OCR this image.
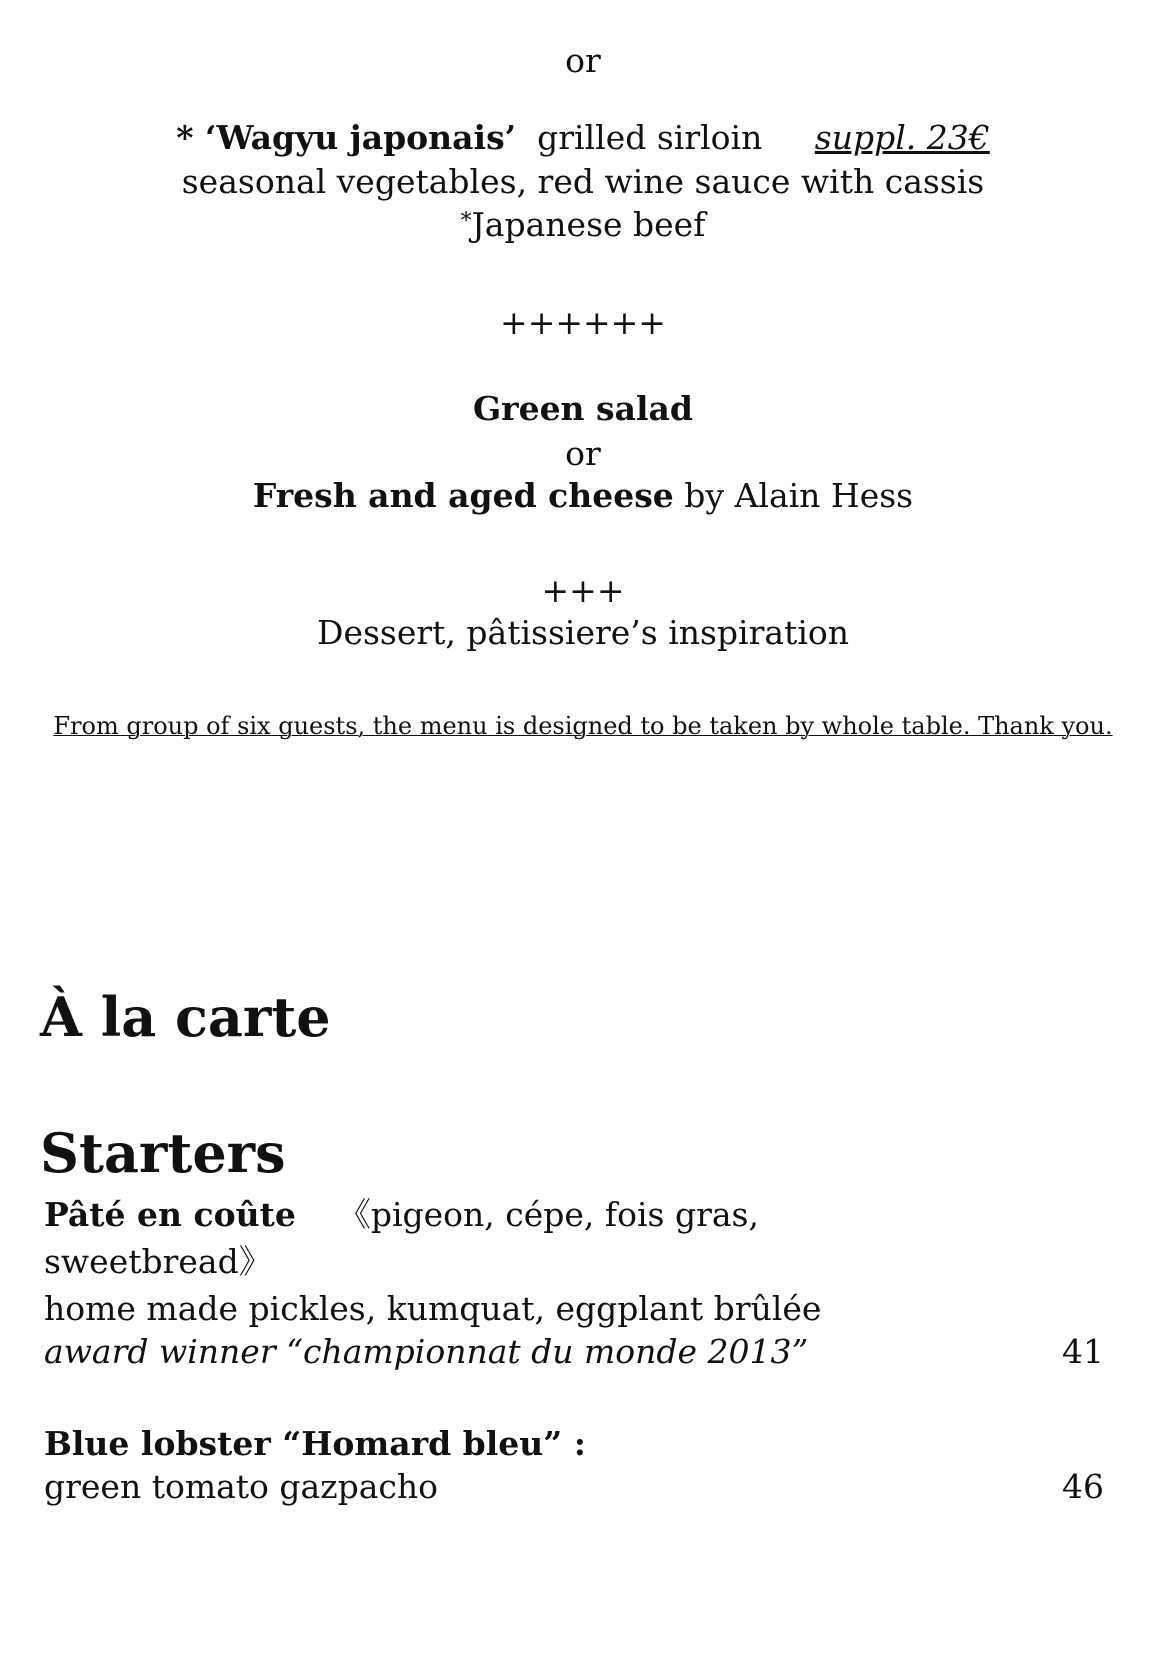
or
* ‘Wagyu japonais’ grilled sirloin suppl. 23€
seasonal vegetables, red wine sauce with cassis
*Japanese beef
++++++
Green salad
or
Fresh and aged cheese by Alain Hess
+++
Dessert, pâtissiere’s inspiration
From group of six guests, the menu is designed to be taken by whole table. Thank you.
À la carte
Starters
Pâté en coûte 《pigeon, cépe, fois gras,
sweetbread》
home made pickles, kumquat, eggplant brûlée
award winner “championnat du monde 2013”	41
Blue lobster “Homard bleu” :
green tomato gazpacho	46
